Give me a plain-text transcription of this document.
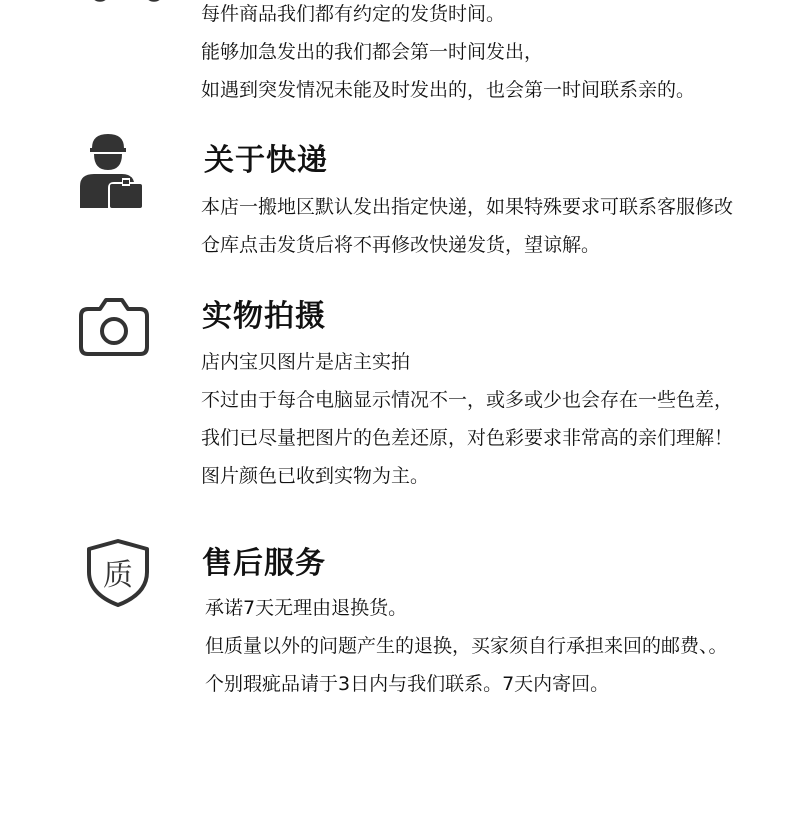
每件商品我们都有约定的发货时间。
能够加急发出的我们都会第一时间发出，
如遇到突发情况未能及时发出的，也会第一时间联系亲的。
关于快递
本店一搬地区默认发出指定快递，如果特殊要求可联系客服修改
仓库点击发货后将不再修改快递发货，望谅解。
实物拍摄
店内宝贝图片是店主实拍
不过由于每合电脑显示情况不一，或多或少也会存在一些色差，
我们已尽量把图片的色差还原，对色彩要求非常高的亲们理解！
图片颜色已收到实物为主。
质 售后服务
承诺7天无理由退换货。
但质量以外的问题产生的退换，买家须自行承担来回的邮费、。
个别瑕疵品请于3日内与我们联系。7天内寄回。
